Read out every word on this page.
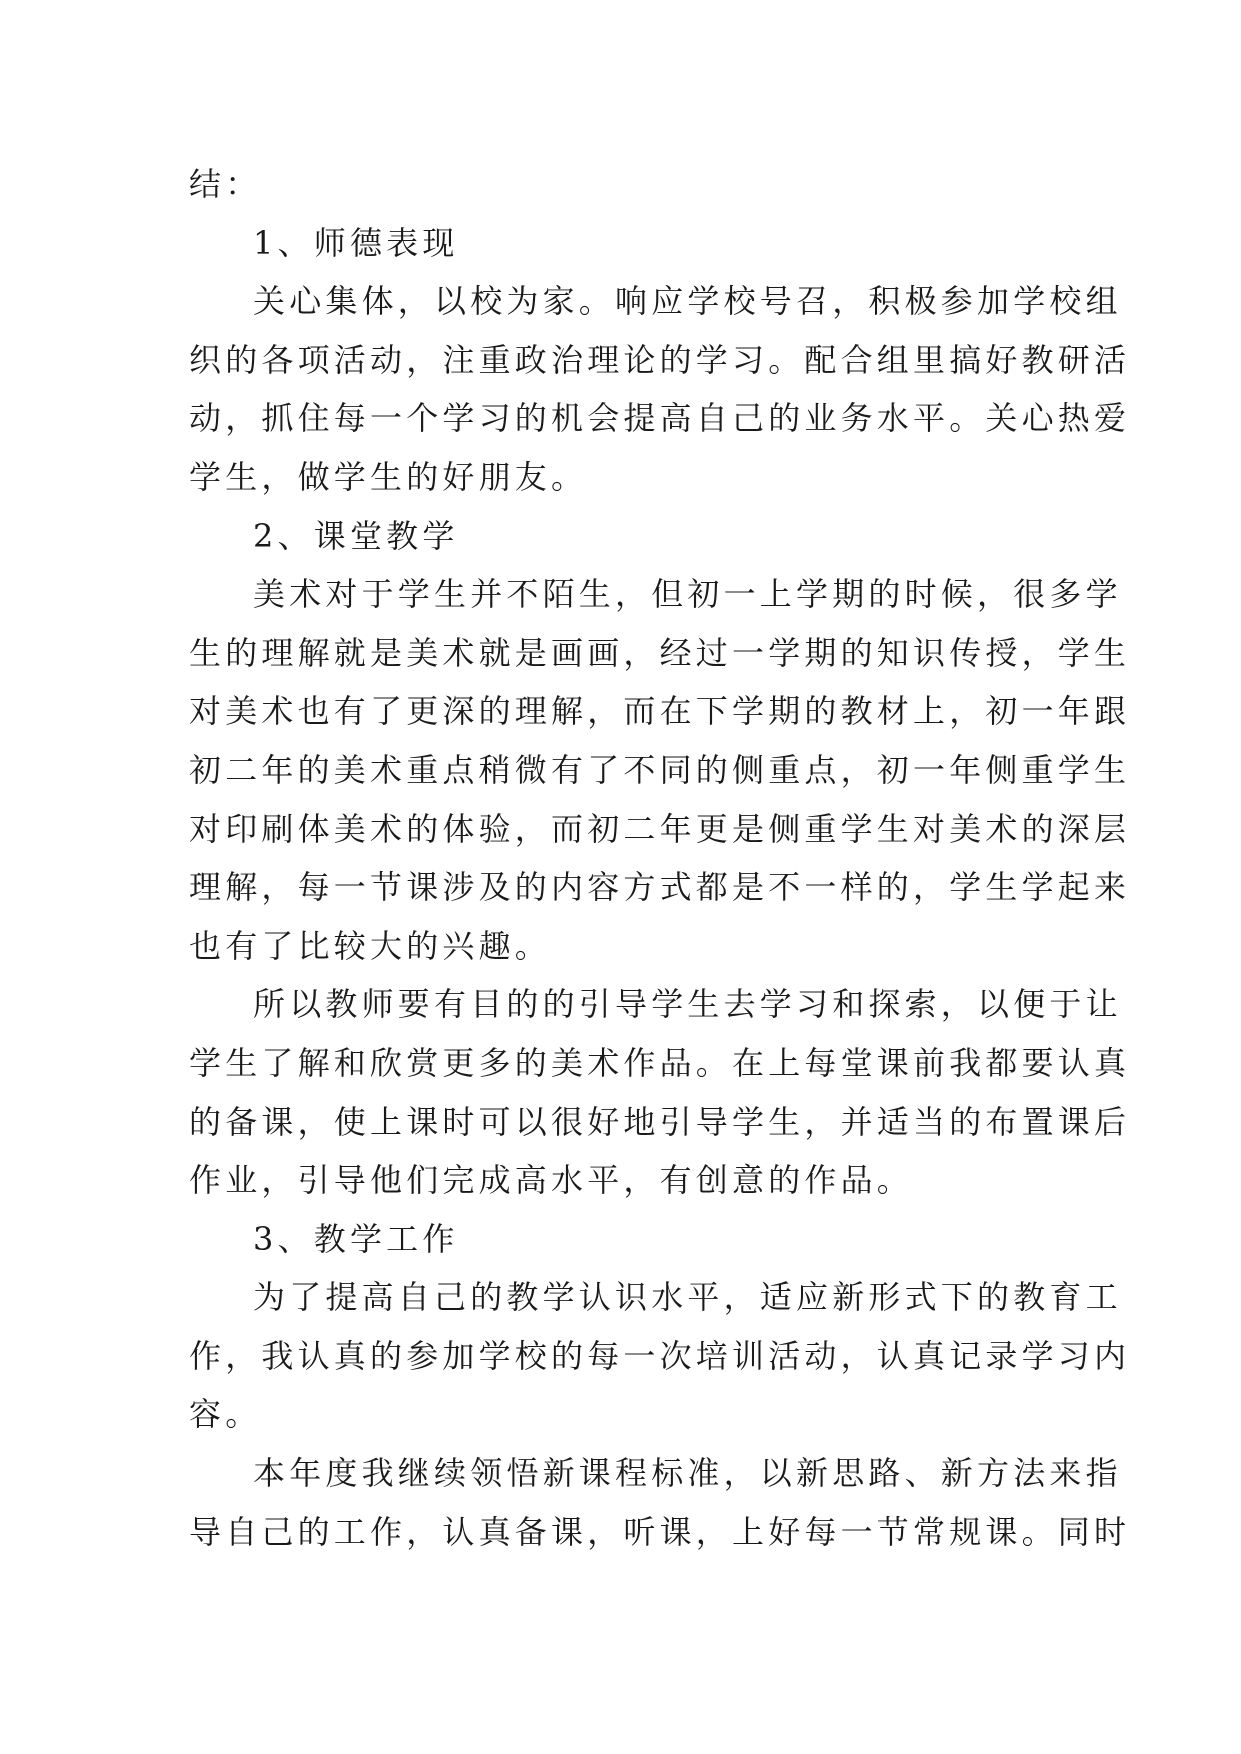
结：
1、师德表现
关心集体，以校为家。响应学校号召，积极参加学校组
织的各项活动，注重政治理论的学习。配合组里搞好教研活
动，抓住每一个学习的机会提高自己的业务水平。关心热爱
学生，做学生的好朋友。
2、课堂教学
美术对于学生并不陌生，但初一上学期的时候，很多学
生的理解就是美术就是画画，经过一学期的知识传授，学生
对美术也有了更深的理解，而在下学期的教材上，初一年跟
初二年的美术重点稍微有了不同的侧重点，初一年侧重学生
对印刷体美术的体验，而初二年更是侧重学生对美术的深层
理解，每一节课涉及的内容方式都是不一样的，学生学起来
也有了比较大的兴趣。
所以教师要有目的的引导学生去学习和探索，以便于让
学生了解和欣赏更多的美术作品。在上每堂课前我都要认真
的备课，使上课时可以很好地引导学生，并适当的布置课后
作业，引导他们完成高水平，有创意的作品。
3、教学工作
为了提高自己的教学认识水平，适应新形式下的教育工
作，我认真的参加学校的每一次培训活动，认真记录学习内
容。
本年度我继续领悟新课程标准，以新思路、新方法来指
导自己的工作，认真备课，听课，上好每一节常规课。同时
